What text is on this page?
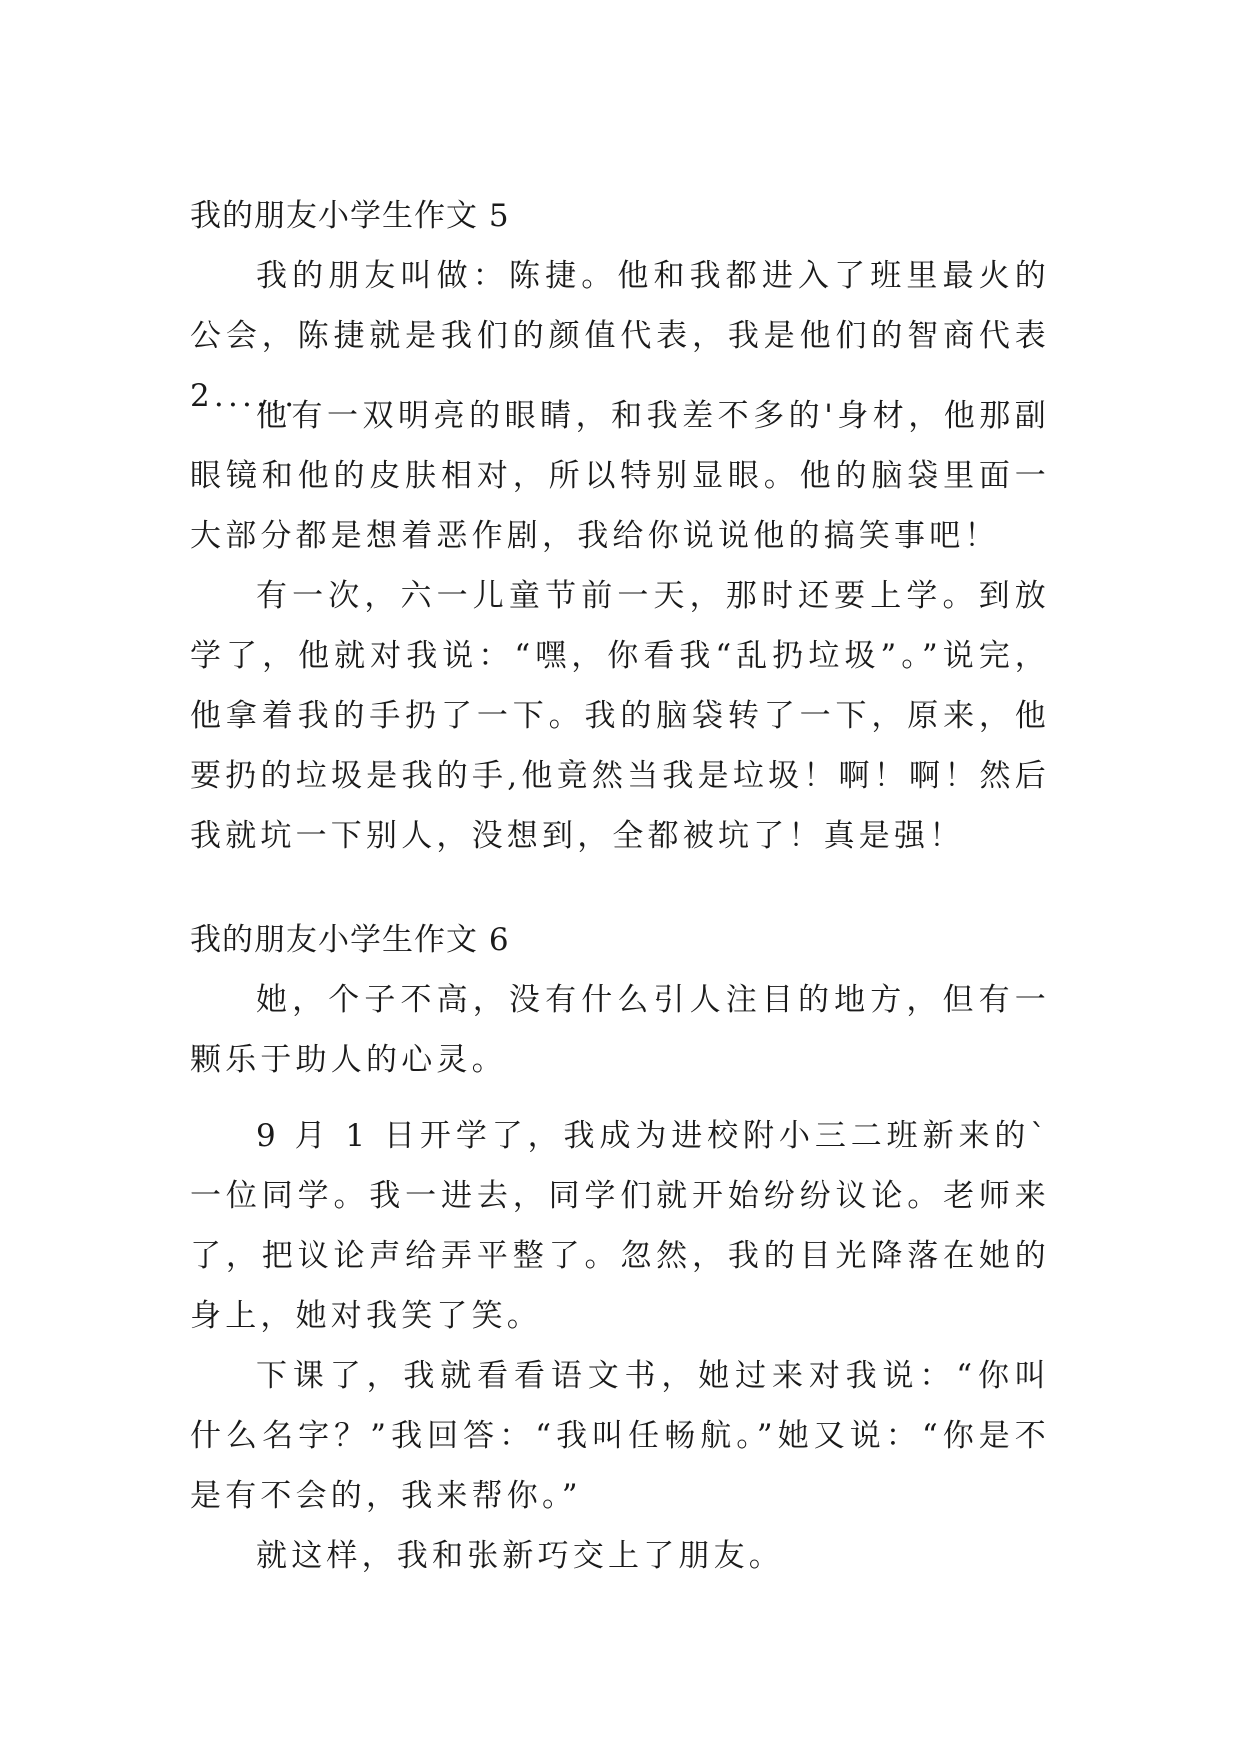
我的朋友小学生作文 5

我的朋友叫做：陈捷。他和我都进入了班里最火的公会，陈捷就是我们的颜值代表，我是他们的智商代表 2......

他有一双明亮的眼睛，和我差不多的'身材，他那副眼镜和他的皮肤相对，所以特别显眼。他的脑袋里面一大部分都是想着恶作剧，我给你说说他的搞笑事吧！

有一次，六一儿童节前一天，那时还要上学。到放学了，他就对我说：“嘿，你看我“乱扔垃圾”。”说完，他拿着我的手扔了一下。我的脑袋转了一下，原来，他要扔的垃圾是我的手,他竟然当我是垃圾！啊！啊！然后我就坑一下别人，没想到，全都被坑了！真是强！

我的朋友小学生作文 6

她，个子不高，没有什么引人注目的地方，但有一颗乐于助人的心灵。

9 月 1 日开学了，我成为进校附小三二班新来的`一位同学。我一进去，同学们就开始纷纷议论。老师来了，把议论声给弄平整了。忽然，我的目光降落在她的身上，她对我笑了笑。

下课了，我就看看语文书，她过来对我说：“你叫什么名字？”我回答：“我叫任畅航。”她又说：“你是不是有不会的，我来帮你。”

就这样，我和张新巧交上了朋友。
